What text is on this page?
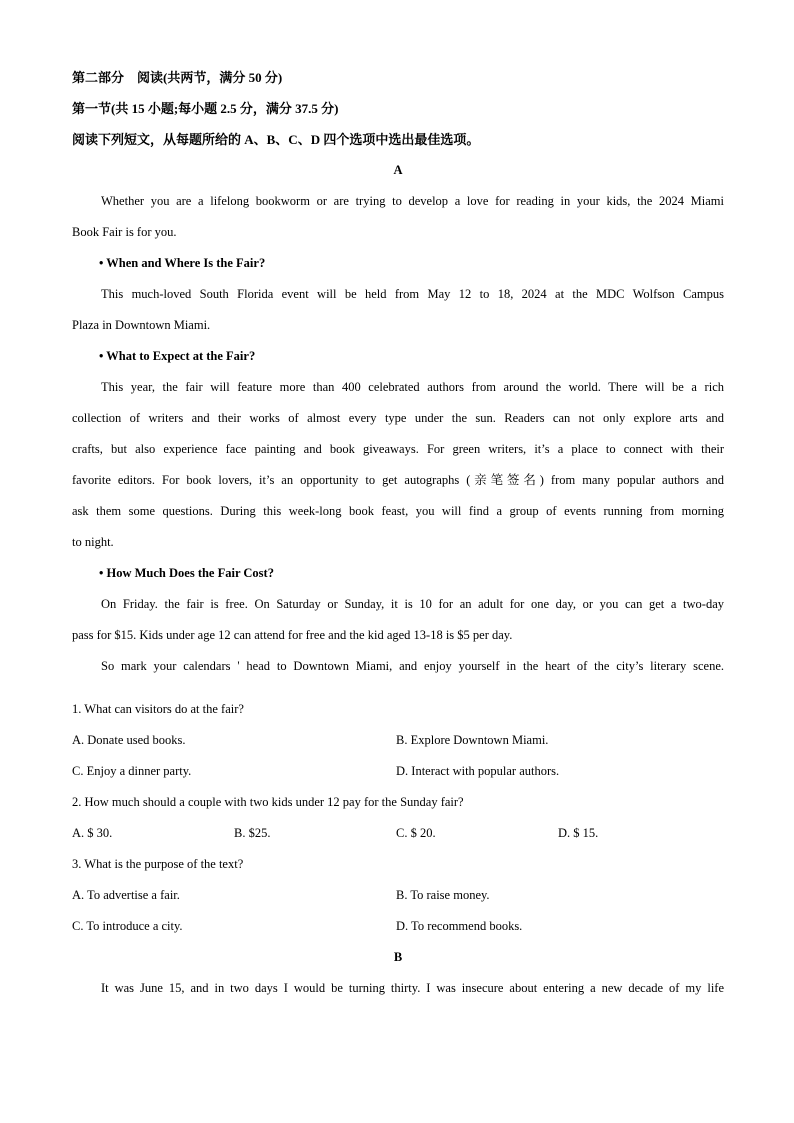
第二部分　阅读(共两节，满分 50 分)
第一节(共 15 小题;每小题 2.5 分，满分 37.5 分)
阅读下列短文，从每题所给的 A、B、C、D 四个选项中选出最佳选项。
A
Whether you are a lifelong bookworm or are trying to develop a love for reading in your kids, the 2024 Miami
Book Fair is for you.
• When and Where Is the Fair?
This much-loved South Florida event will be held from May 12 to 18, 2024 at the MDC Wolfson Campus
Plaza in Downtown Miami.
• What to Expect at the Fair?
This year, the fair will feature more than 400 celebrated authors from around the world. There will be a rich
collection of writers and their works of almost every type under the sun. Readers can not only explore arts and
crafts, but also experience face painting and book giveaways. For green writers, it’s a place to connect with their
favorite editors. For book lovers, it’s an opportunity to get autographs (亲笔签名) from many popular authors and
ask them some questions. During this week-long book feast, you will find a group of events running from morning
to night.
• How Much Does the Fair Cost?
On Friday. the fair is free. On Saturday or Sunday, it is 10 for an adult for one day, or you can get a two-day
pass for $15. Kids under age 12 can attend for free and the kid aged 13-18 is $5 per day.
So mark your calendars ' head to Downtown Miami, and enjoy yourself in the heart of the city’s literary scene.
1. What can visitors do at the fair?
A. Donate used books.	B. Explore Downtown Miami.
C. Enjoy a dinner party.	D. Interact with popular authors.
2. How much should a couple with two kids under 12 pay for the Sunday fair?
A. $ 30.	B. $25.	C. $ 20.	D. $ 15.
3. What is the purpose of the text?
A. To advertise a fair.	B. To raise money.
C. To introduce a city.	D. To recommend books.
B
It was June 15, and in two days I would be turning thirty. I was insecure about entering a new decade of my life
